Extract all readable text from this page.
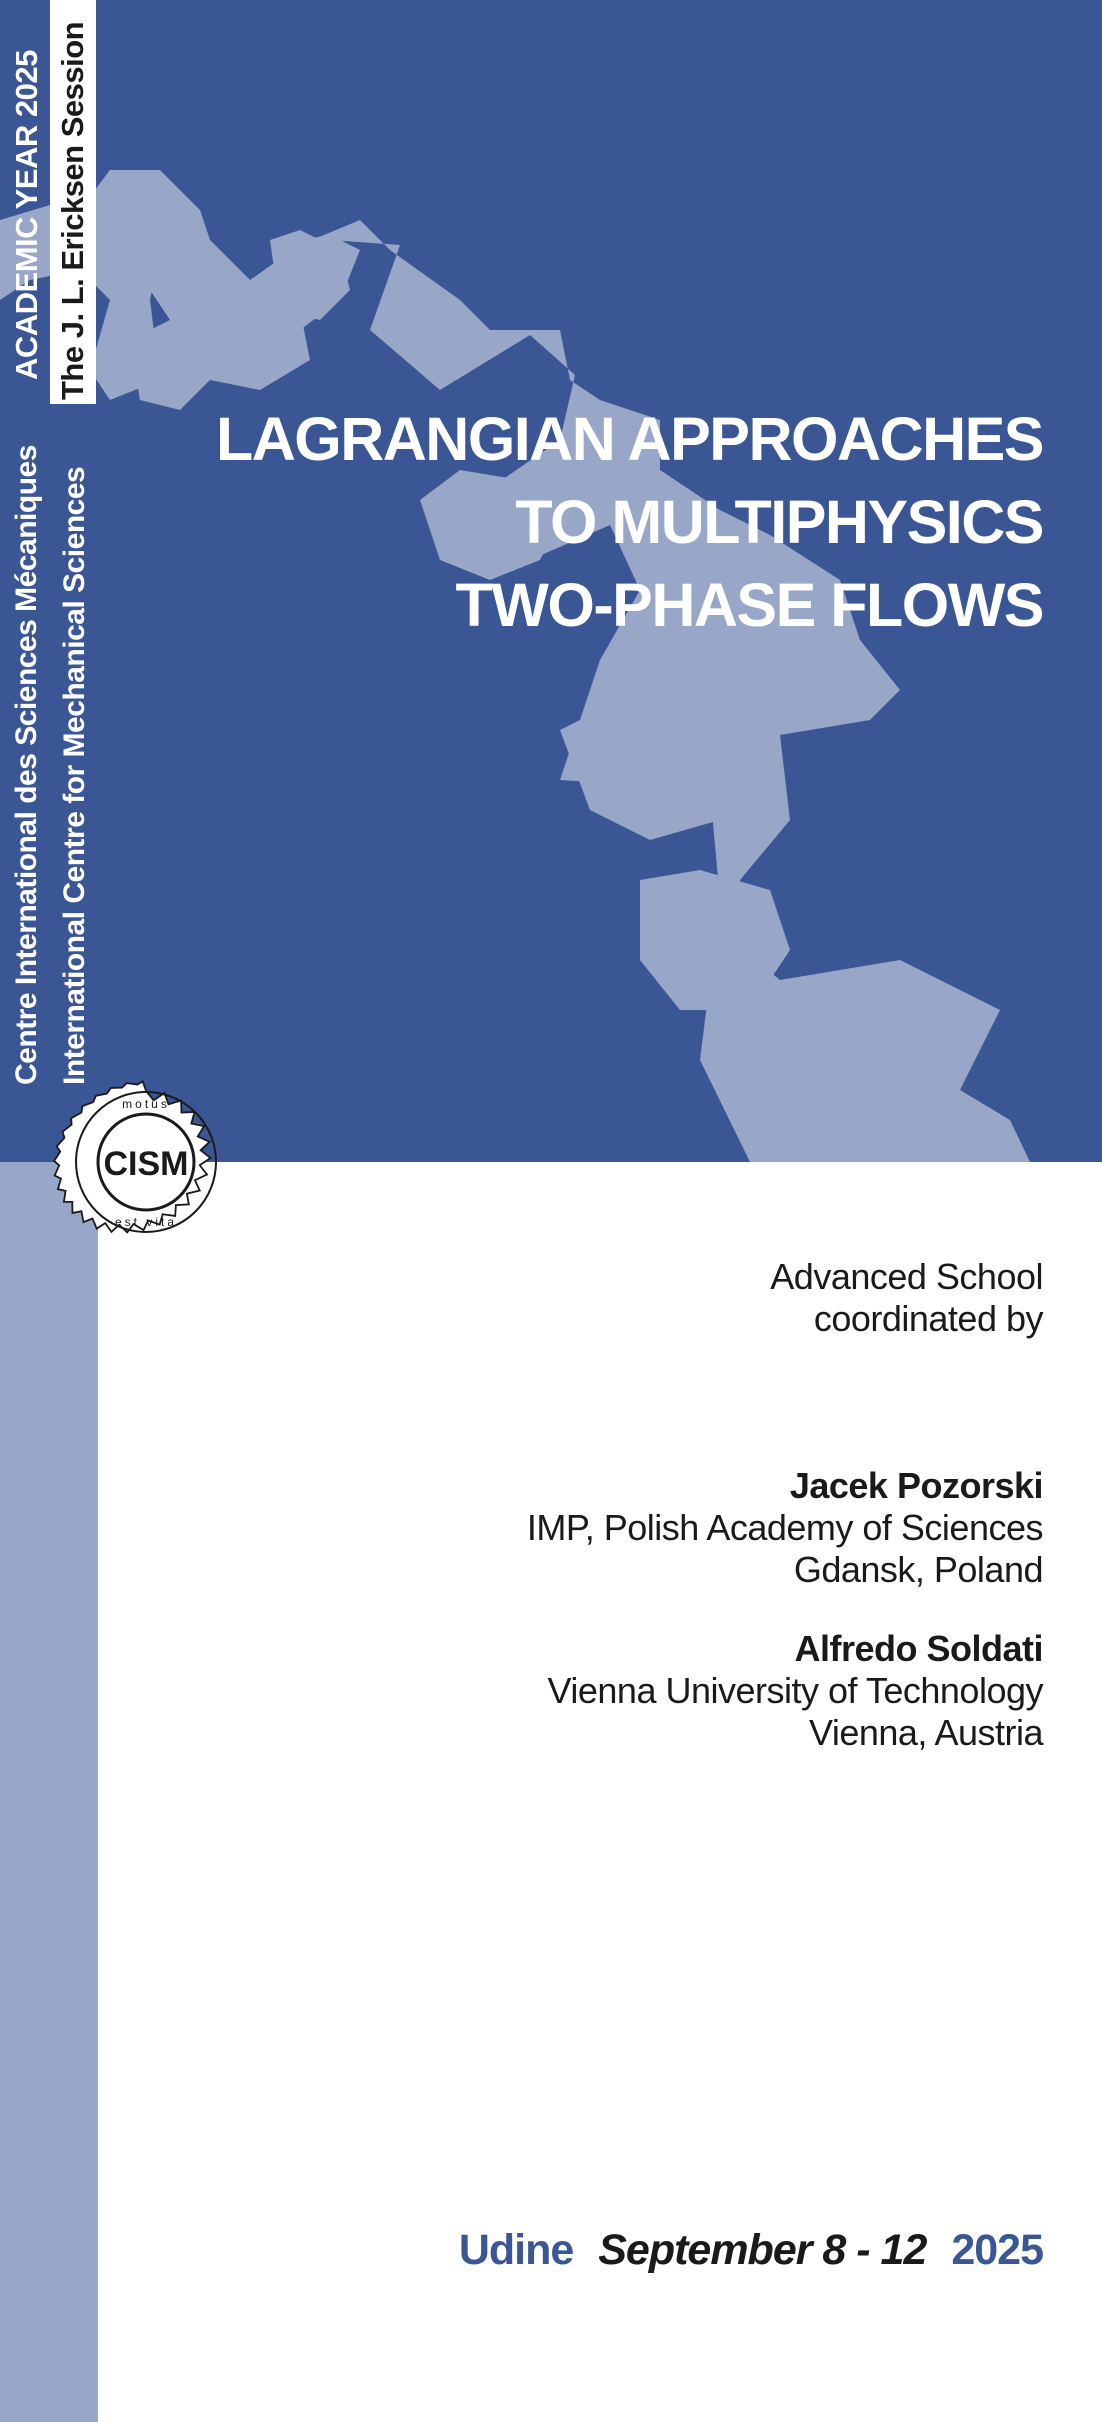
LAGRANGIAN APPROACHES
TO MULTIPHYSICS
TWO-PHASE FLOWS
ACADEMIC YEAR 2025 The J. L. Ericksen Session
Centre International des Sciences Mécaniques International Centre for Mechanical Sciences
CISM
motus
est vita
Advanced School
coordinated by
Jacek Pozorski
IMP, Polish Academy of Sciences
Gdansk, Poland
Alfredo Soldati
Vienna University of Technology
Vienna, Austria
Udine September 8 - 12 2025
